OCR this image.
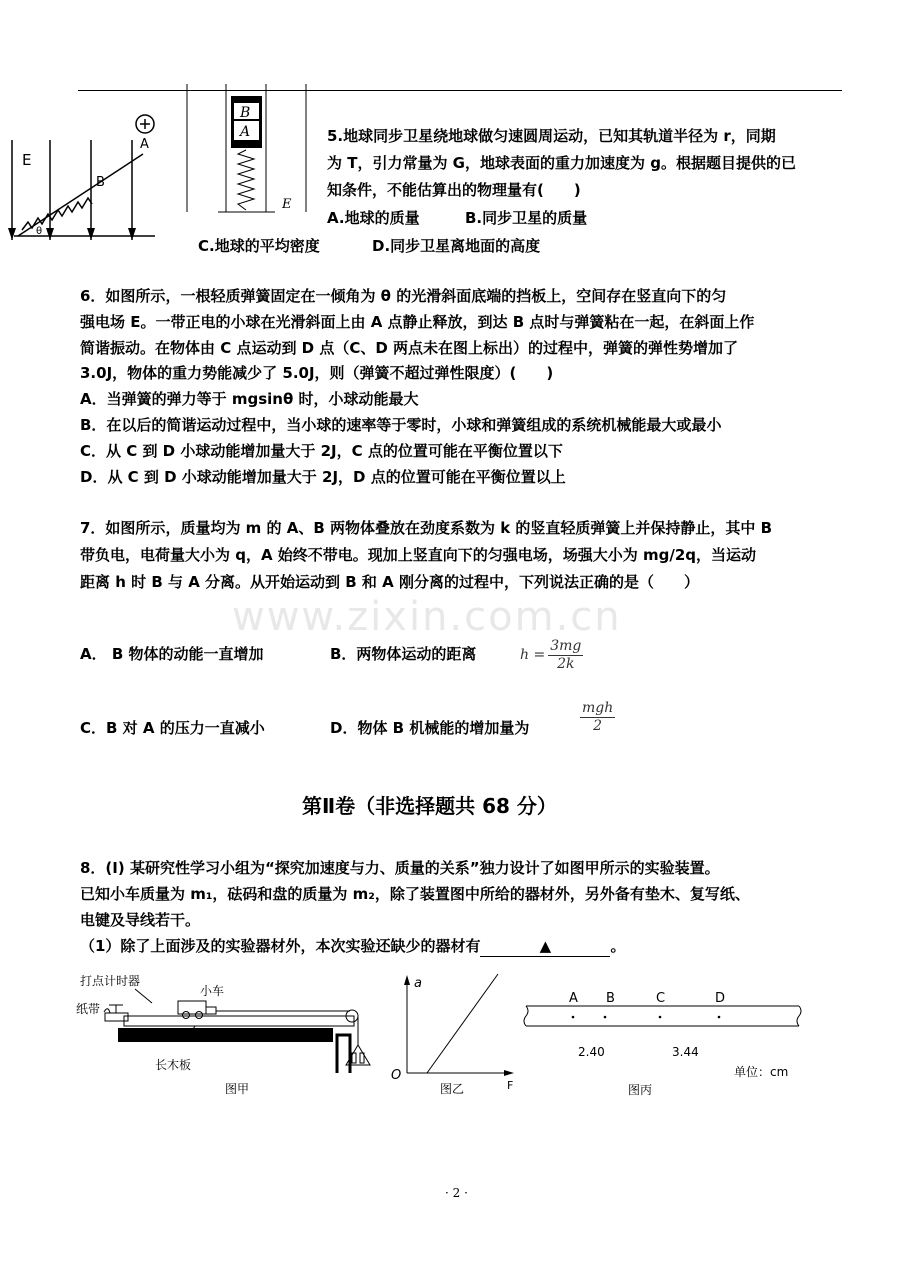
E
A
B
θ
B
A
E
5.地球同步卫星绕地球做匀速圆周运动，已知其轨道半径为 r，同期
为 T，引力常量为 G，地球表面的重力加速度为 g。根据题目提供的已
知条件，不能估算出的物理量有(　　)
A.地球的质量	B.同步卫星的质量
C.地球的平均密度	D.同步卫星离地面的高度
6．如图所示，一根轻质弹簧固定在一倾角为 θ 的光滑斜面底端的挡板上，空间存在竖直向下的匀
强电场 E。一带正电的小球在光滑斜面上由 A 点静止释放，到达 B 点时与弹簧粘在一起，在斜面上作
简谐振动。在物体由 C 点运动到 D 点（C、D 两点未在图上标出）的过程中，弹簧的弹性势增加了
3.0J，物体的重力势能减少了 5.0J，则（弹簧不超过弹性限度）(　　)
A．当弹簧的弹力等于 mgsinθ 时，小球动能最大
B．在以后的简谐运动过程中，当小球的速率等于零时，小球和弹簧组成的系统机械能最大或最小
C．从 C 到 D 小球动能增加量大于 2J，C 点的位置可能在平衡位置以下
D．从 C 到 D 小球动能增加量大于 2J，D 点的位置可能在平衡位置以上
7．如图所示，质量均为 m 的 A、B 两物体叠放在劲度系数为 k 的竖直轻质弹簧上并保持静止，其中 B
带负电，电荷量大小为 q，A 始终不带电。现加上竖直向下的匀强电场，场强大小为 mg/2q，当运动
距离 h 时 B 与 A 分离。从开始运动到 B 和 A 刚分离的过程中，下列说法正确的是（　　）
www.zixin.com.cn
A． B 物体的动能一直增加	B．两物体运动的距离	$h = \frac{3mg}{2k}$
C．B 对 A 的压力一直减小	D．物体 B 机械能的增加量为
mgh
2
第Ⅱ卷（非选择题共 68 分）
8．(Ⅰ) 某研究性学习小组为“探究加速度与力、质量的关系”独力设计了如图甲所示的实验装置。
已知小车质量为 m₁，砝码和盘的质量为 m₂，除了装置图中所给的器材外，另外备有垫木、复写纸、
电键及导线若干。
（1）除了上面涉及的实验器材外，本次实验还缺少的器材有	▲	。
打点计时器
纸带
小车
长木板
图甲
a
F
O
图乙
A B	C	D
2.40	3.44
单位：cm
图丙
· 2 ·
